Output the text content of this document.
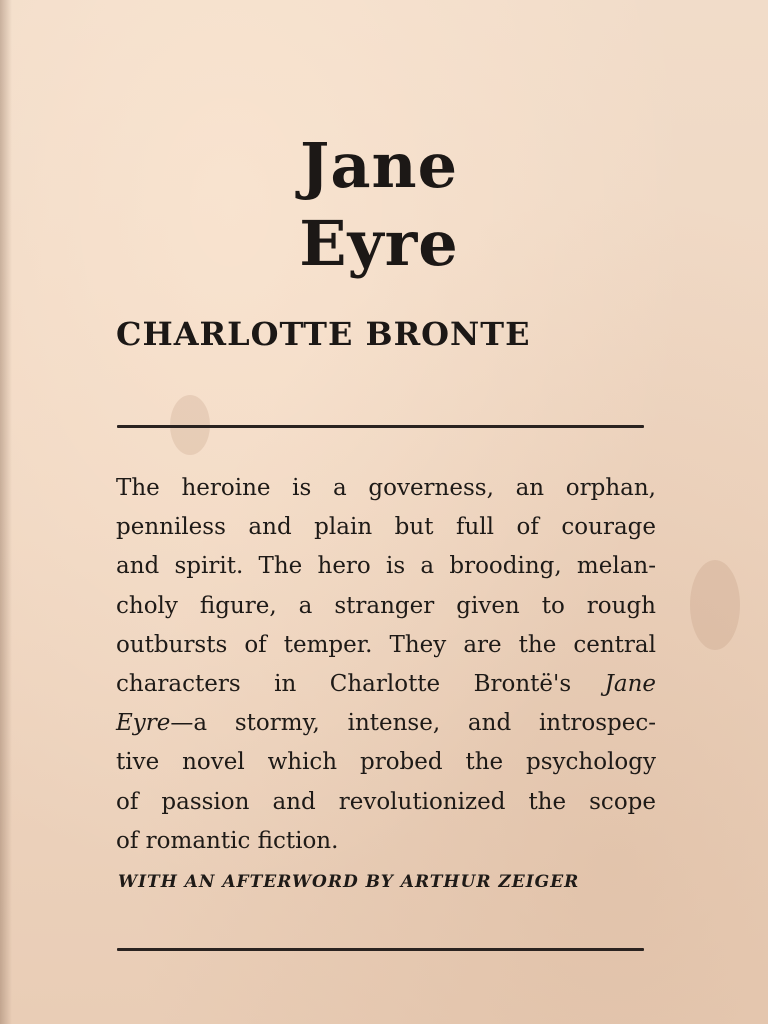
Jane
Eyre
CHARLOTTE BRONTE

The heroine is a governess, an orphan,
penniless and plain but full of courage
and spirit. The hero is a brooding, melan-
choly figure, a stranger given to rough
outbursts of temper. They are the central
characters in Charlotte Brontë's Jane
Eyre—a stormy, intense, and introspec-
tive novel which probed the psychology
of passion and revolutionized the scope
of romantic fiction.

WITH AN AFTERWORD BY ARTHUR ZEIGER
